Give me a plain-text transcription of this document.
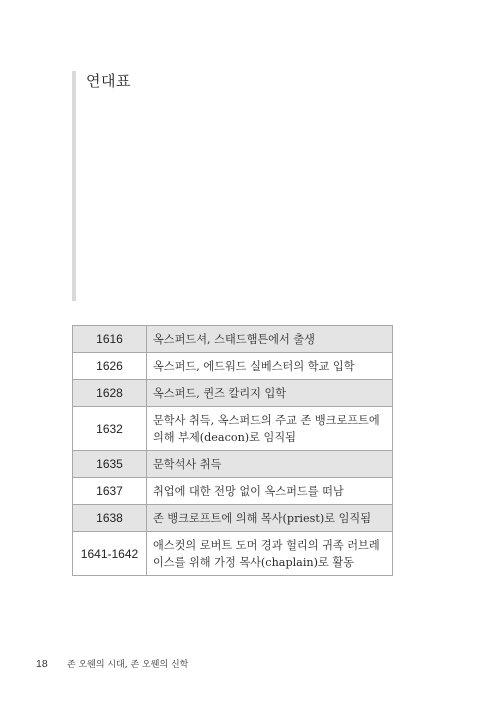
연대표
1616	옥스퍼드셔, 스태드햄튼에서 출생
1626	옥스퍼드, 에드워드 실베스터의 학교 입학
1628	옥스퍼드, 퀸즈 칼리지 입학
1632	문학사 취득, 옥스퍼드의 주교 존 뱅크로프트에 의해 부제(deacon)로 임직됨
1635	문학석사 취득
1637	취업에 대한 전망 없이 옥스퍼드를 떠남
1638	존 뱅크로프트에 의해 목사(priest)로 임직됨
1641-1642	애스컷의 로버트 도머 경과 헐리의 귀족 러브레이스를 위해 가정 목사(chaplain)로 활동
18 존 오웬의 시대, 존 오웬의 신학
